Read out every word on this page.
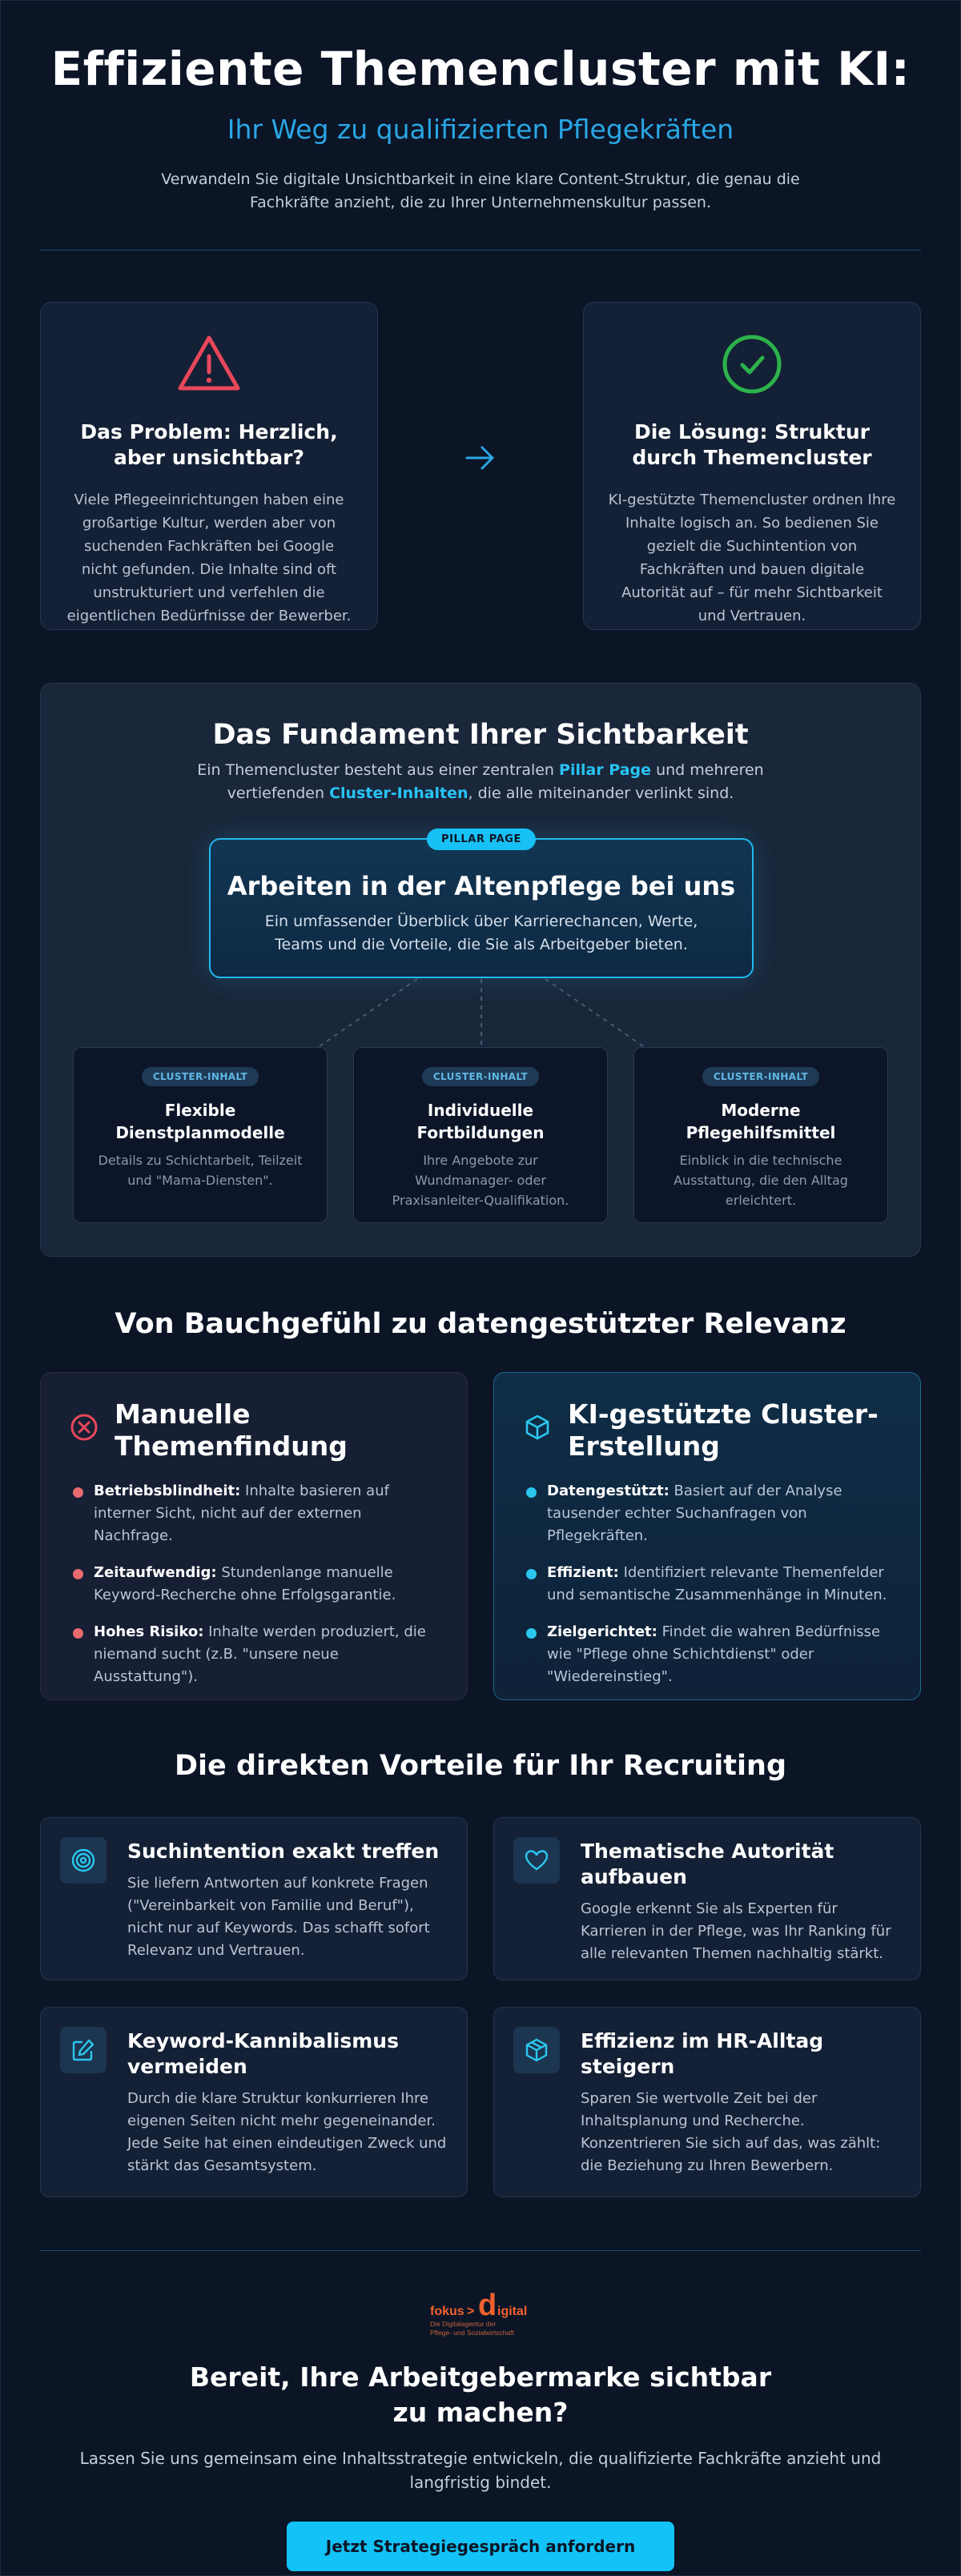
Effiziente Themencluster mit KI:
Ihr Weg zu qualifizierten Pflegekräften

Verwandeln Sie digitale Unsichtbarkeit in eine klare Content-Struktur, die genau die Fachkräfte anzieht, die zu Ihrer Unternehmenskultur passen.

Das Problem: Herzlich, aber unsichtbar?

Viele Pflegeeinrichtungen haben eine großartige Kultur, werden aber von suchenden Fachkräften bei Google nicht gefunden. Die Inhalte sind oft unstrukturiert und verfehlen die eigentlichen Bedürfnisse der Bewerber.

Die Lösung: Struktur durch Themencluster

KI-gestützte Themencluster ordnen Ihre Inhalte logisch an. So bedienen Sie gezielt die Suchintention von Fachkräften und bauen digitale Autorität auf – für mehr Sichtbarkeit und Vertrauen.

Das Fundament Ihrer Sichtbarkeit

Ein Themencluster besteht aus einer zentralen Pillar Page und mehreren vertiefenden Cluster-Inhalten, die alle miteinander verlinkt sind.

PILLAR PAGE
Arbeiten in der Altenpflege bei uns

Ein umfassender Überblick über Karrierechancen, Werte, Teams und die Vorteile, die Sie als Arbeitgeber bieten.

CLUSTER-INHALT
Flexible Dienstplanmodelle

Details zu Schichtarbeit, Teilzeit und "Mama-Diensten".

CLUSTER-INHALT
Individuelle Fortbildungen

Ihre Angebote zur Wundmanager- oder Praxisanleiter-Qualifikation.

CLUSTER-INHALT
Moderne Pflegehilfsmittel

Einblick in die technische Ausstattung, die den Alltag erleichtert.

Von Bauchgefühl zu datengestützter Relevanz
Manuelle Themenfindung
Betriebsblindheit: Inhalte basieren auf interner Sicht, nicht auf der externen Nachfrage.
Zeitaufwendig: Stundenlange manuelle Keyword-Recherche ohne Erfolgsgarantie.
Hohes Risiko: Inhalte werden produziert, die niemand sucht (z.B. "unsere neue Ausstattung").
KI-gestützte Cluster-Erstellung
Datengestützt: Basiert auf der Analyse tausender echter Suchanfragen von Pflegekräften.
Effizient: Identifiziert relevante Themenfelder und semantische Zusammenhänge in Minuten.
Zielgerichtet: Findet die wahren Bedürfnisse wie "Pflege ohne Schichtdienst" oder "Wiedereinstieg".
Die direkten Vorteile für Ihr Recruiting
Suchintention exakt treffen

Sie liefern Antworten auf konkrete Fragen ("Vereinbarkeit von Familie und Beruf"), nicht nur auf Keywords. Das schafft sofort Relevanz und Vertrauen.

Thematische Autorität aufbauen

Google erkennt Sie als Experten für Karrieren in der Pflege, was Ihr Ranking für alle relevanten Themen nachhaltig stärkt.

Keyword-Kannibalismus vermeiden

Durch die klare Struktur konkurrieren Ihre eigenen Seiten nicht mehr gegeneinander. Jede Seite hat einen eindeutigen Zweck und stärkt das Gesamtsystem.

Effizienz im HR-Alltag steigern

Sparen Sie wertvolle Zeit bei der Inhaltsplanung und Recherche. Konzentrieren Sie sich auf das, was zählt: die Beziehung zu Ihren Bewerbern.

fokus > d igital
Die Digitalagentur der
Pflege- und Sozialwirtschaft
Bereit, Ihre Arbeitgebermarke sichtbar zu machen?

Lassen Sie uns gemeinsam eine Inhaltsstrategie entwickeln, die qualifizierte Fachkräfte anzieht und langfristig bindet.

Jetzt Strategiegespräch anfordern
